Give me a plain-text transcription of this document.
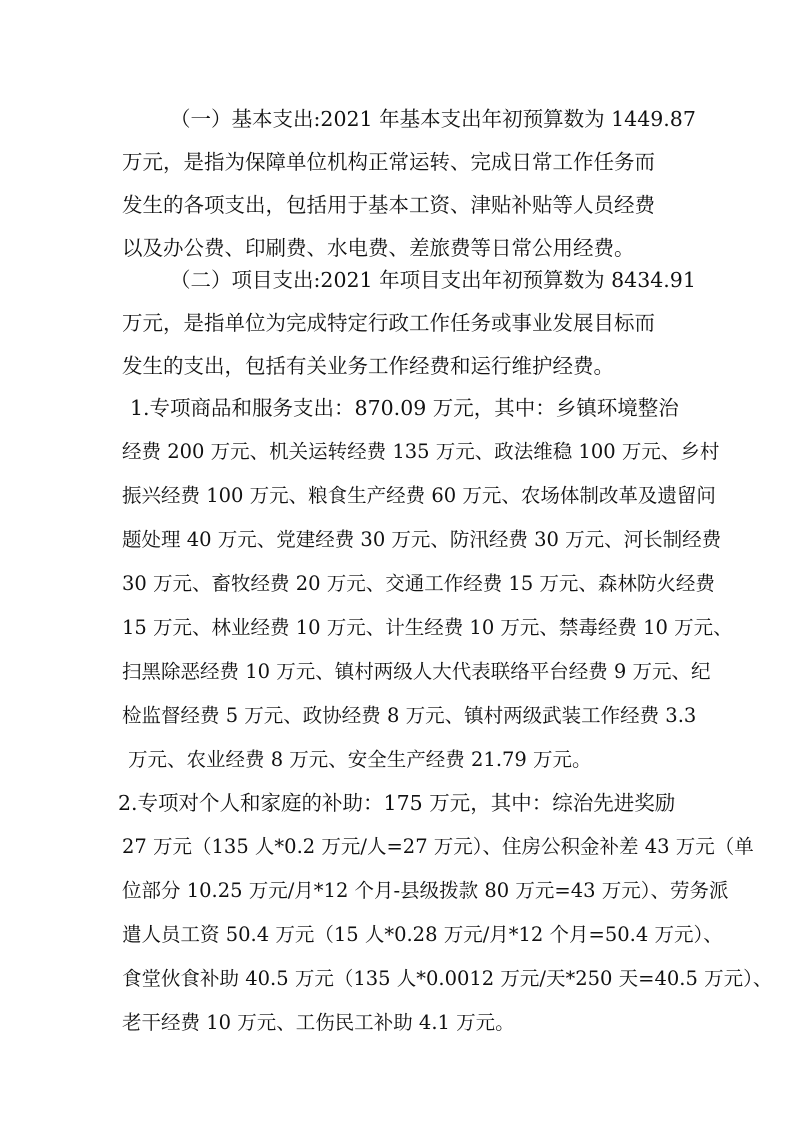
（一）基本支出:2021 年基本支出年初预算数为 1449.87
万元，是指为保障单位机构正常运转、完成日常工作任务而
发生的各项支出，包括用于基本工资、津贴补贴等人员经费
以及办公费、印刷费、水电费、差旅费等日常公用经费。
（二）项目支出:2021 年项目支出年初预算数为 8434.91
万元，是指单位为完成特定行政工作任务或事业发展目标而
发生的支出，包括有关业务工作经费和运行维护经费。
1.专项商品和服务支出：870.09 万元，其中：乡镇环境整治
经费 200 万元、机关运转经费 135 万元、政法维稳 100 万元、乡村
振兴经费 100 万元、粮食生产经费 60 万元、农场体制改革及遗留问
题处理 40 万元、党建经费 30 万元、防汛经费 30 万元、河长制经费
30 万元、畜牧经费 20 万元、交通工作经费 15 万元、森林防火经费
15 万元、林业经费 10 万元、计生经费 10 万元、禁毒经费 10 万元、
扫黑除恶经费 10 万元、镇村两级人大代表联络平台经费 9 万元、纪
检监督经费 5 万元、政协经费 8 万元、镇村两级武装工作经费 3.3
万元、农业经费 8 万元、安全生产经费 21.79 万元。
2.专项对个人和家庭的补助：175 万元，其中：综治先进奖励
27 万元（135 人*0.2 万元/人=27 万元）、住房公积金补差 43 万元（单
位部分 10.25 万元/月*12 个月-县级拨款 80 万元=43 万元）、劳务派
遣人员工资 50.4 万元（15 人*0.28 万元/月*12 个月=50.4 万元）、
食堂伙食补助 40.5 万元（135 人*0.0012 万元/天*250 天=40.5 万元）、
老干经费 10 万元、工伤民工补助 4.1 万元。
